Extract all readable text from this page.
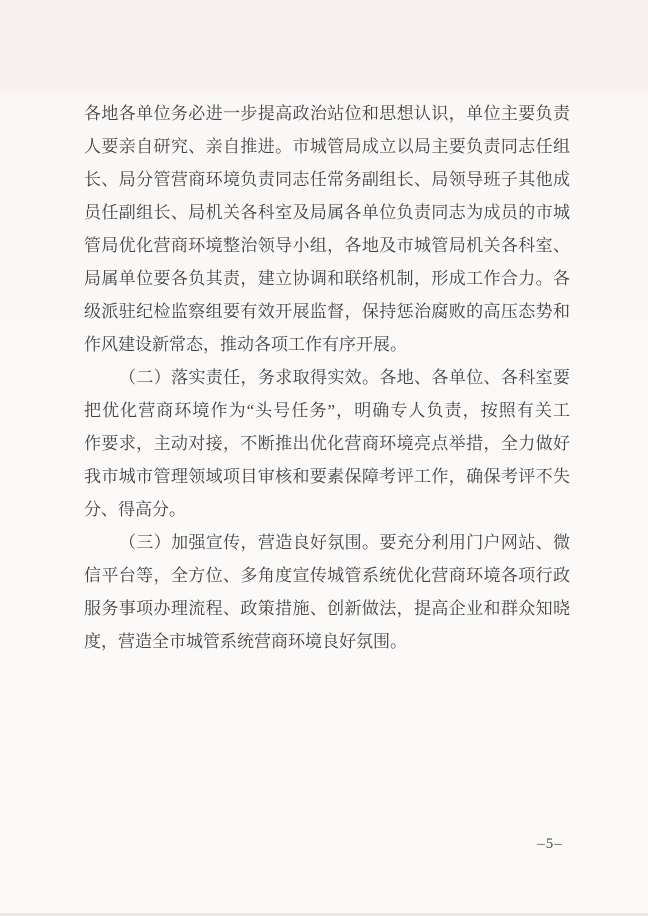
各地各单位务必进一步提高政治站位和思想认识，单位主要负责
人要亲自研究、亲自推进。市城管局成立以局主要负责同志任组
长、局分管营商环境负责同志任常务副组长、局领导班子其他成
员任副组长、局机关各科室及局属各单位负责同志为成员的市城
管局优化营商环境整治领导小组，各地及市城管局机关各科室、
局属单位要各负其责，建立协调和联络机制，形成工作合力。各
级派驻纪检监察组要有效开展监督，保持惩治腐败的高压态势和
作风建设新常态，推动各项工作有序开展。
（二）落实责任，务求取得实效。各地、各单位、各科室要
把优化营商环境作为“头号任务”，明确专人负责，按照有关工
作要求，主动对接，不断推出优化营商环境亮点举措，全力做好
我市城市管理领域项目审核和要素保障考评工作，确保考评不失
分、得高分。
（三）加强宣传，营造良好氛围。要充分利用门户网站、微
信平台等，全方位、多角度宣传城管系统优化营商环境各项行政
服务事项办理流程、政策措施、创新做法，提高企业和群众知晓
度，营造全市城管系统营商环境良好氛围。
–5–
